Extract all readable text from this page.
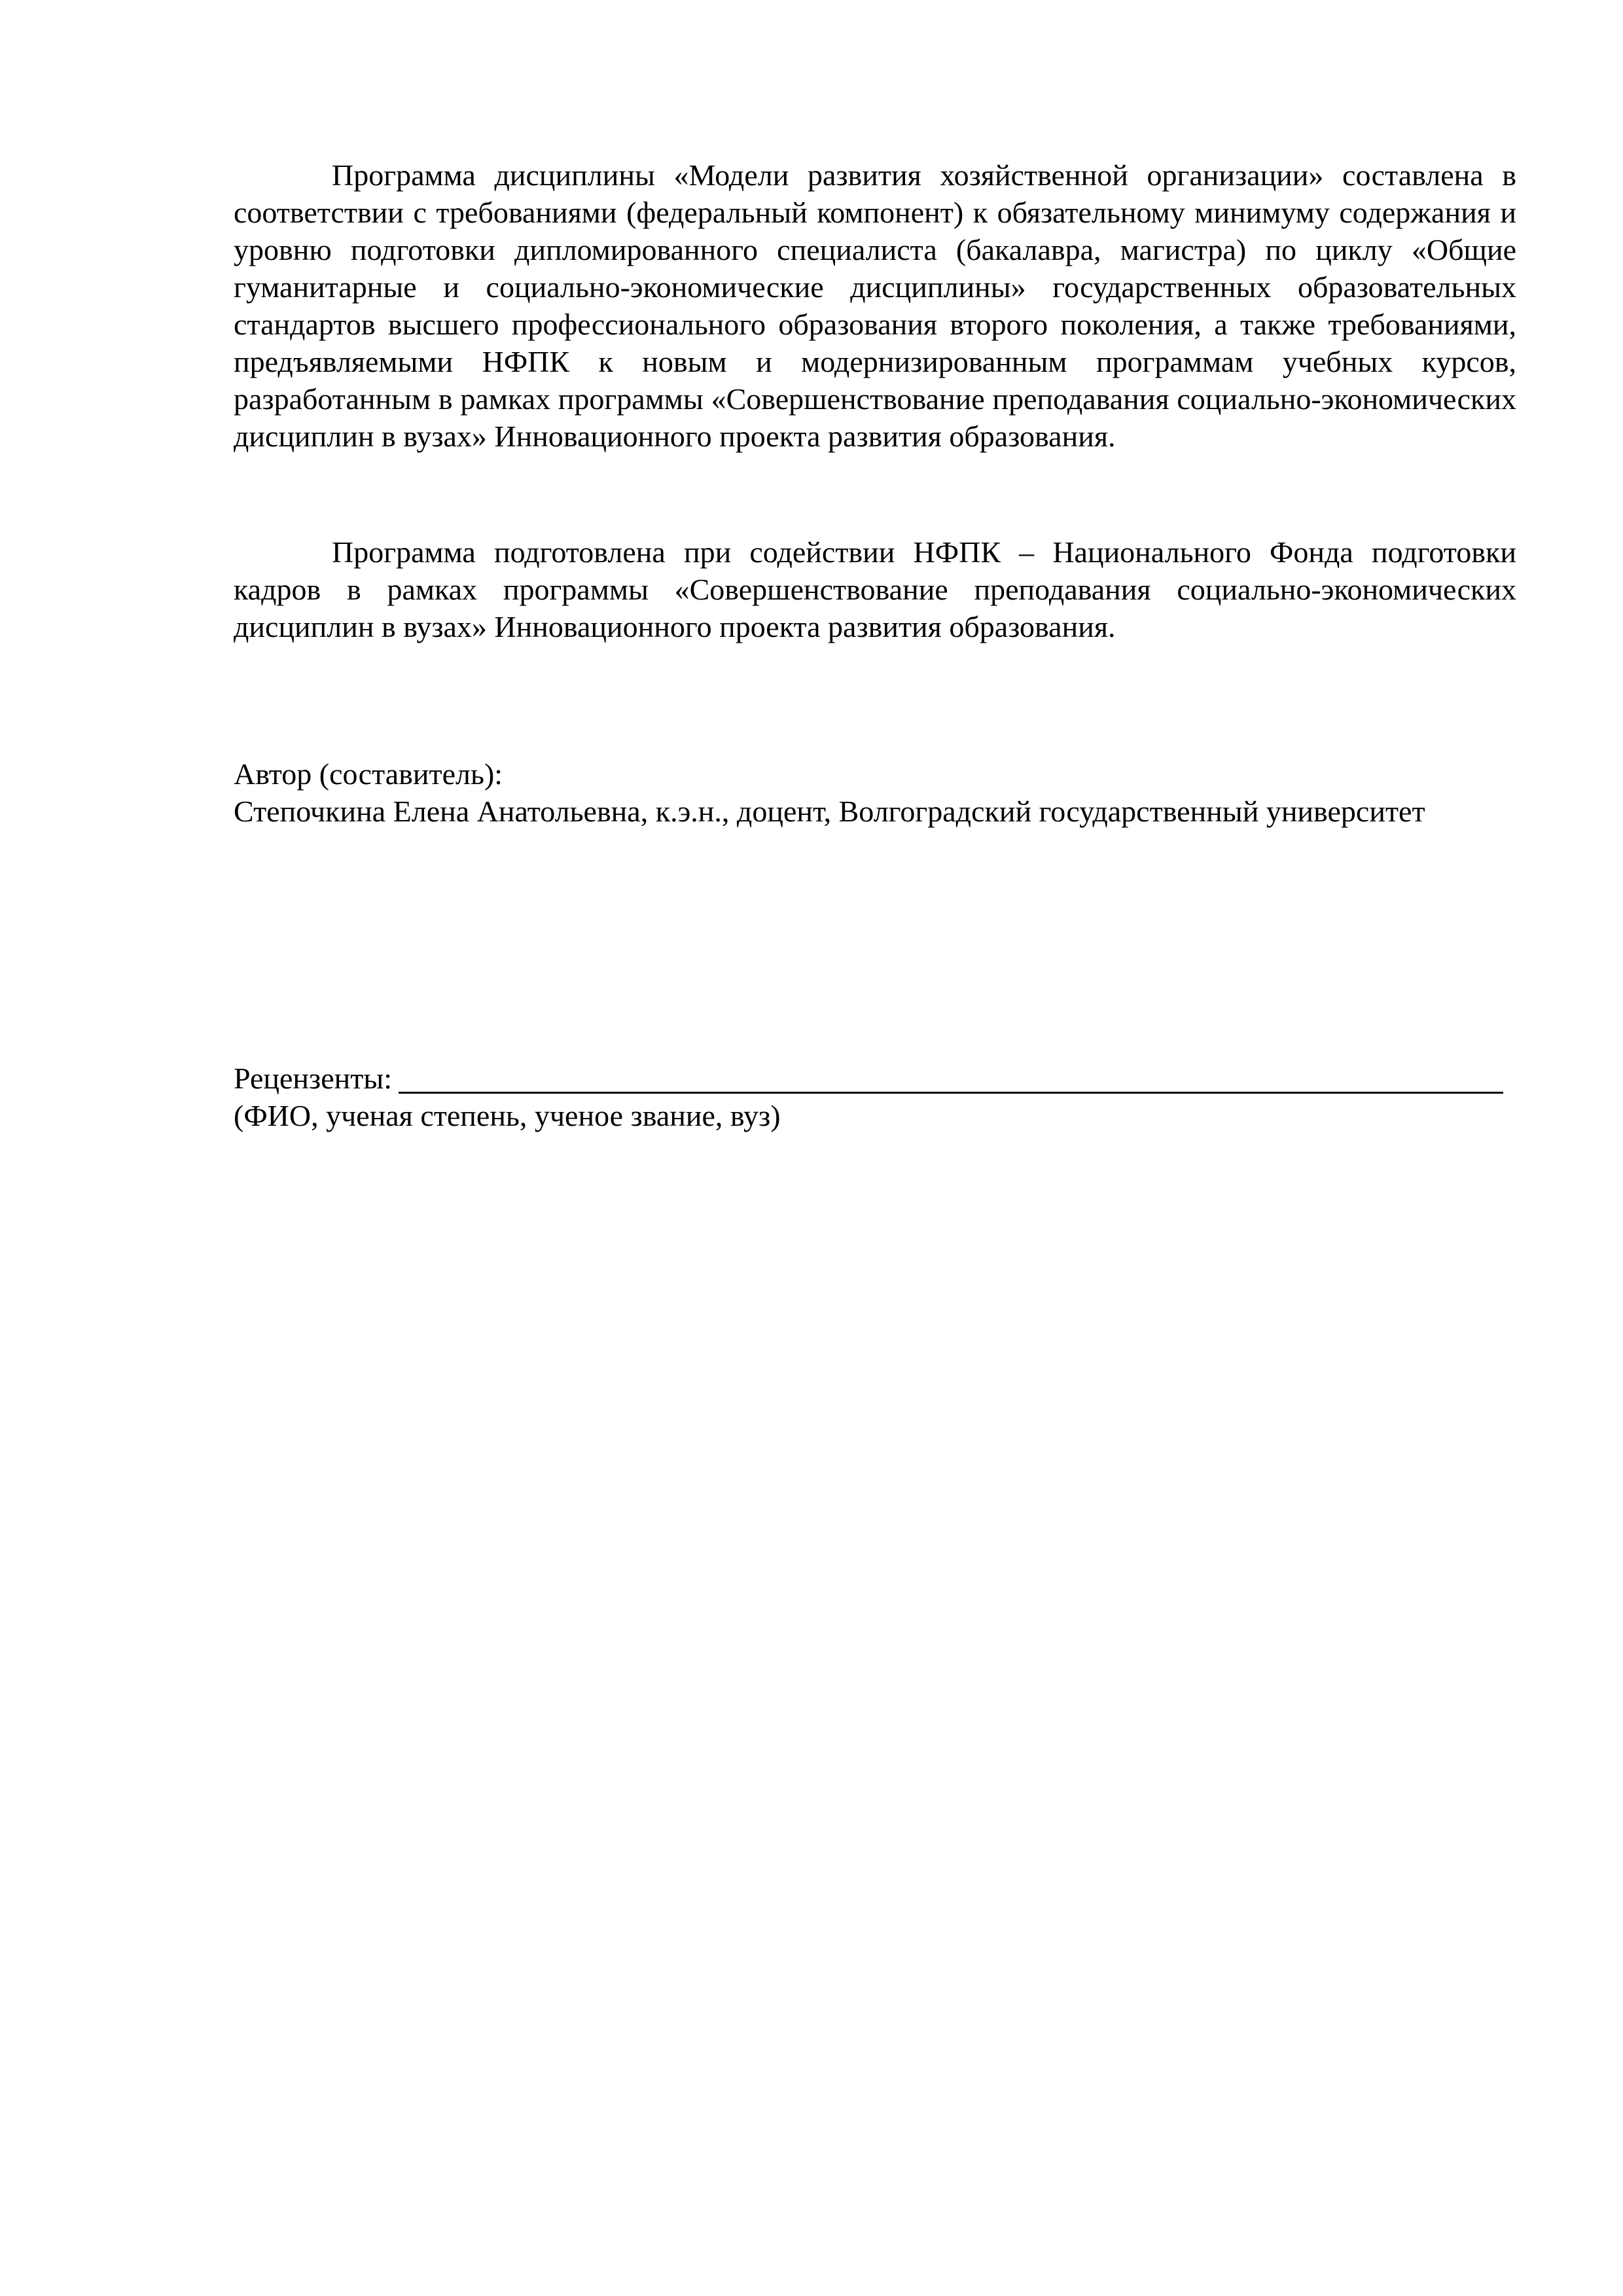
Программа дисциплины «Модели развития хозяйственной организации» составлена в соответствии с требованиями (федеральный компонент) к обязательному минимуму содержания и уровню подготовки дипломированного специалиста (бакалавра, магистра) по циклу «Общие гуманитарные и социально-экономические дисциплины» государственных образовательных стандартов высшего профессионального образования второго поколения, а также требованиями, предъявляемыми НФПК к новым и модернизированным программам учебных курсов, разработанным в рамках программы «Совершенствование преподавания социально-экономических дисциплин в вузах» Инновационного проекта развития образования.

Программа подготовлена при содействии НФПК – Национального Фонда подготовки кадров в рамках программы «Совершенствование преподавания социально-экономических дисциплин в вузах» Инновационного проекта развития образования.

Автор (составитель):

Степочкина Елена Анатольевна, к.э.н., доцент, Волгоградский государственный университет

Рецензенты:

(ФИО, ученая степень, ученое звание, вуз)
